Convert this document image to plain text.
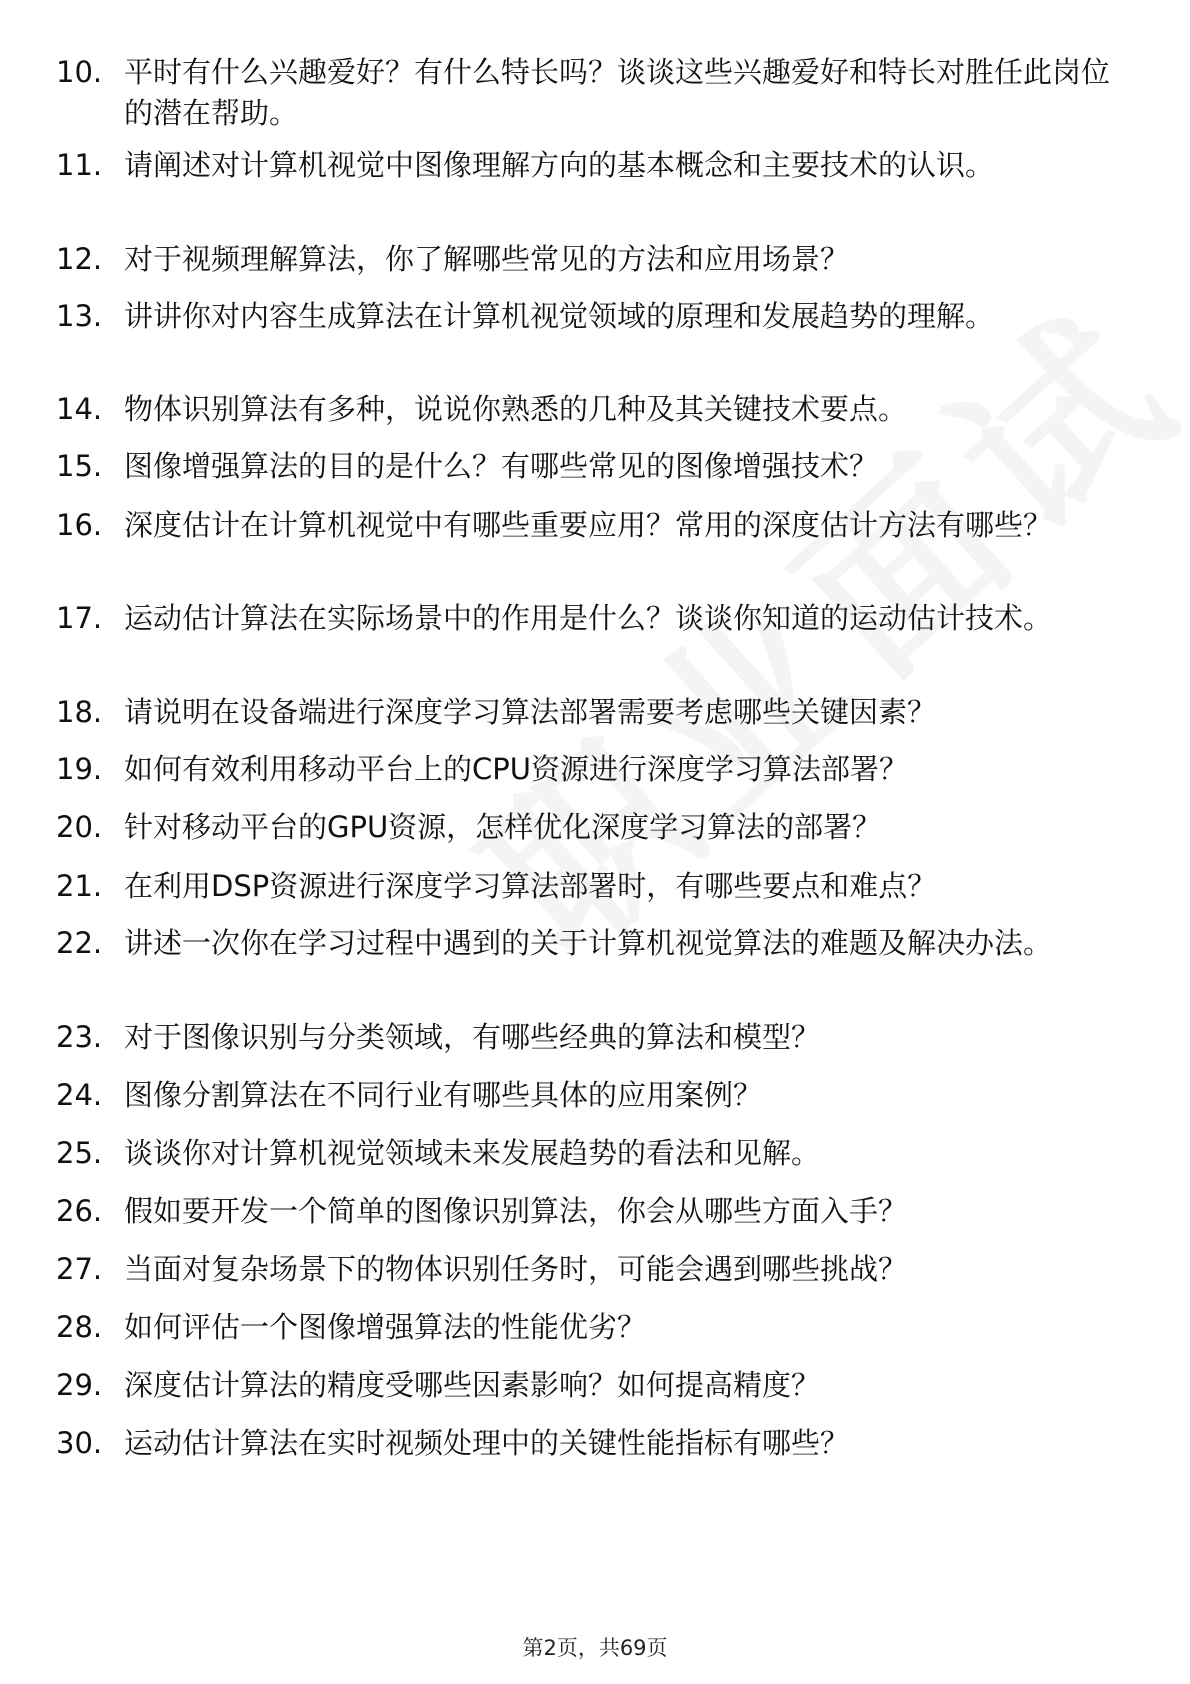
10. 平时有什么兴趣爱好？有什么特长吗？谈谈这些兴趣爱好和特长对胜任此岗位的潜在帮助。
11. 请阐述对计算机视觉中图像理解方向的基本概念和主要技术的认识。
12. 对于视频理解算法，你了解哪些常见的方法和应用场景？
13. 讲讲你对内容生成算法在计算机视觉领域的原理和发展趋势的理解。
14. 物体识别算法有多种，说说你熟悉的几种及其关键技术要点。
15. 图像增强算法的目的是什么？有哪些常见的图像增强技术？
16. 深度估计在计算机视觉中有哪些重要应用？常用的深度估计方法有哪些？
17. 运动估计算法在实际场景中的作用是什么？谈谈你知道的运动估计技术。
18. 请说明在设备端进行深度学习算法部署需要考虑哪些关键因素？
19. 如何有效利用移动平台上的CPU资源进行深度学习算法部署？
20. 针对移动平台的GPU资源，怎样优化深度学习算法的部署？
21. 在利用DSP资源进行深度学习算法部署时，有哪些要点和难点？
22. 讲述一次你在学习过程中遇到的关于计算机视觉算法的难题及解决办法。
23. 对于图像识别与分类领域，有哪些经典的算法和模型？
24. 图像分割算法在不同行业有哪些具体的应用案例？
25. 谈谈你对计算机视觉领域未来发展趋势的看法和见解。
26. 假如要开发一个简单的图像识别算法，你会从哪些方面入手？
27. 当面对复杂场景下的物体识别任务时，可能会遇到哪些挑战？
28. 如何评估一个图像增强算法的性能优劣？
29. 深度估计算法的精度受哪些因素影响？如何提高精度？
30. 运动估计算法在实时视频处理中的关键性能指标有哪些？
第2页，共69页
